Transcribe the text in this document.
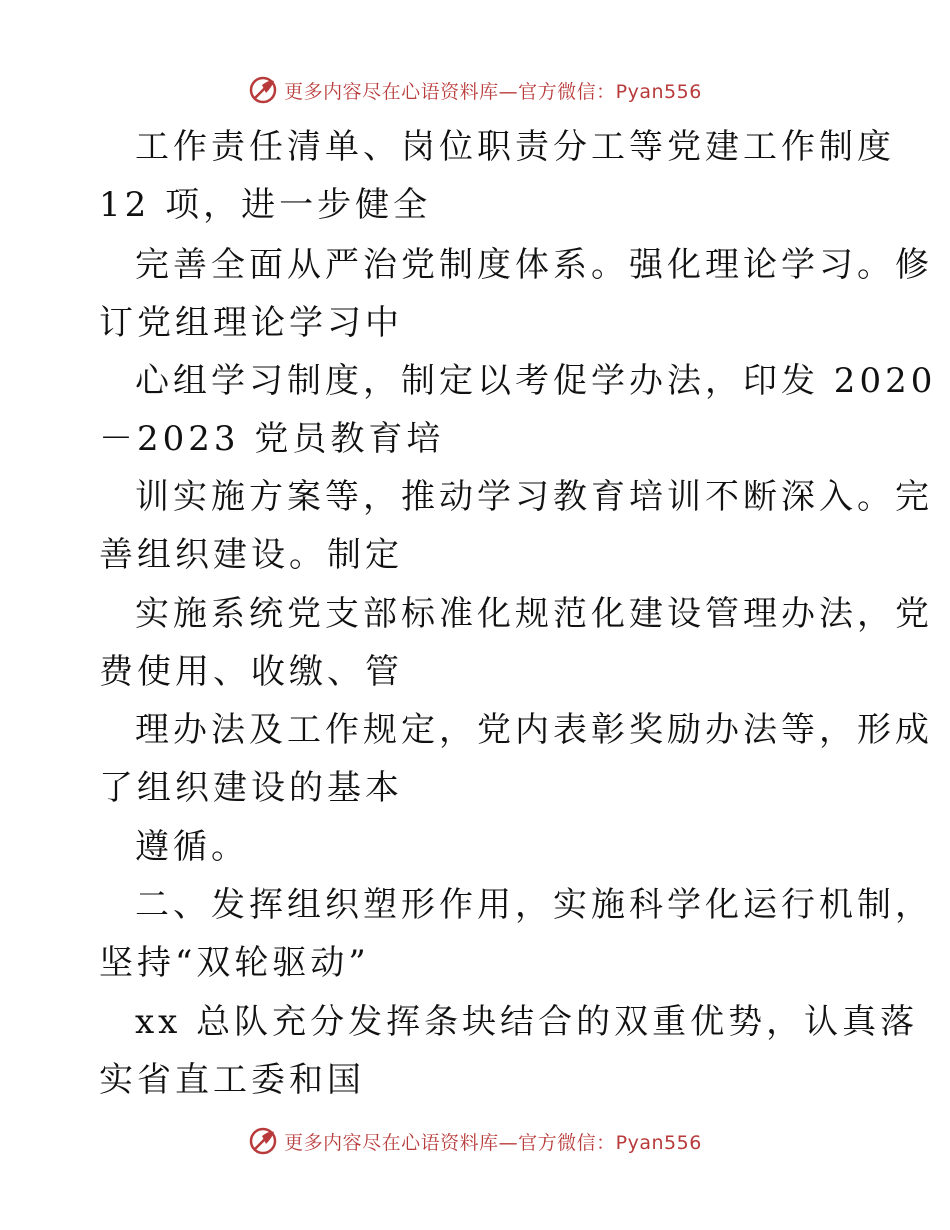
更多内容尽在心语资料库—官方微信：Pyan556
工作责任清单、岗位职责分工等党建工作制度
12 项，进一步健全
完善全面从严治党制度体系。强化理论学习。修
订党组理论学习中
心组学习制度，制定以考促学办法，印发 2020
－2023 党员教育培
训实施方案等，推动学习教育培训不断深入。完
善组织建设。制定
实施系统党支部标准化规范化建设管理办法，党
费使用、收缴、管
理办法及工作规定，党内表彰奖励办法等，形成
了组织建设的基本
遵循。
二、发挥组织塑形作用，实施科学化运行机制，
坚持“双轮驱动”
xx 总队充分发挥条块结合的双重优势，认真落
实省直工委和国
更多内容尽在心语资料库—官方微信：Pyan556
